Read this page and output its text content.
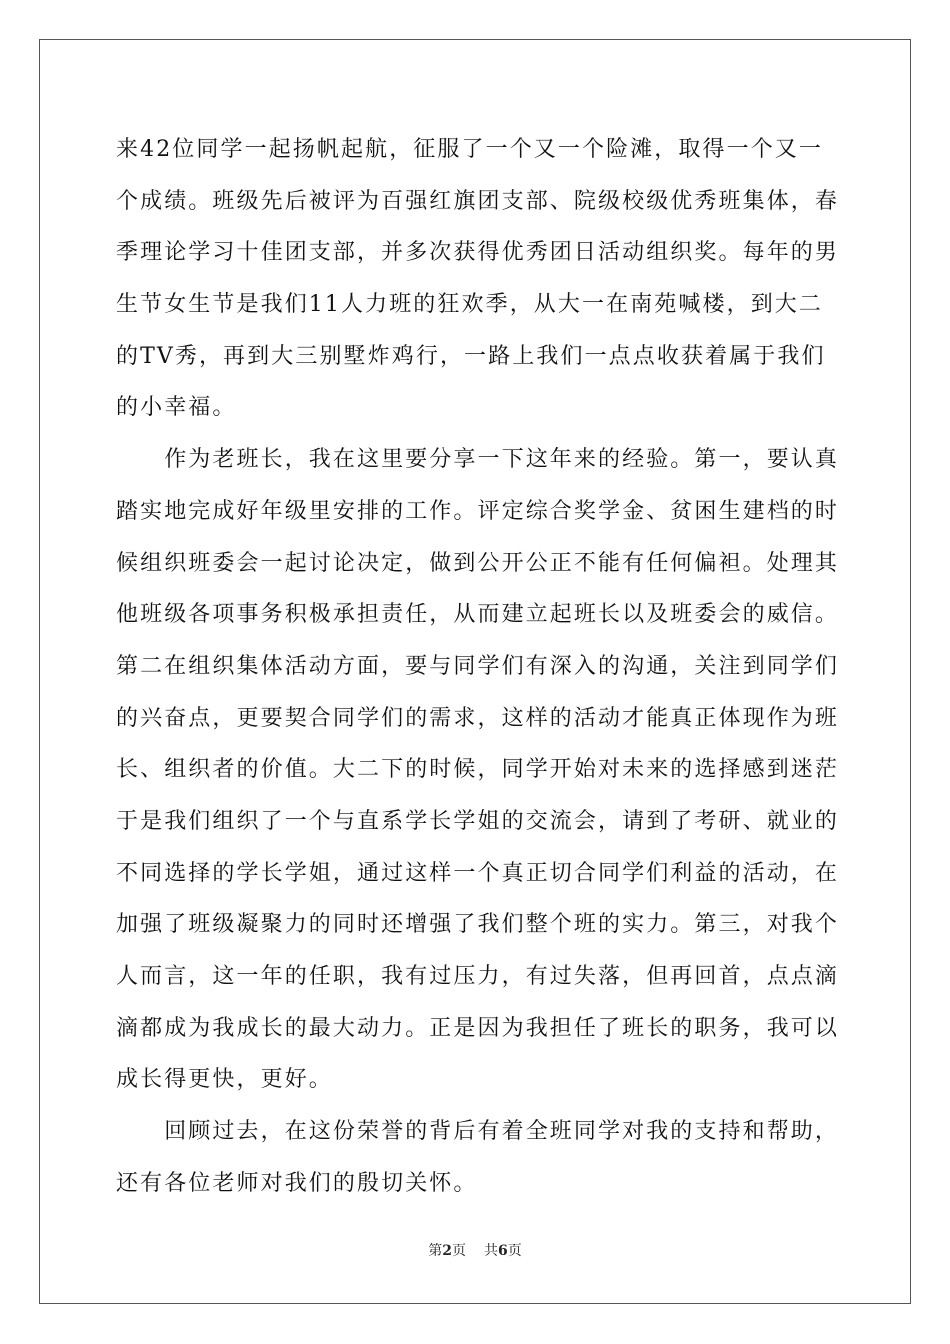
来42位同学一起扬帆起航，征服了一个又一个险滩，取得一个又一
个成绩。班级先后被评为百强红旗团支部、院级校级优秀班集体，春
季理论学习十佳团支部，并多次获得优秀团日活动组织奖。每年的男
生节女生节是我们11人力班的狂欢季，从大一在南苑喊楼，到大二
的TV秀，再到大三别墅炸鸡行，一路上我们一点点收获着属于我们
的小幸福。
　　作为老班长，我在这里要分享一下这年来的经验。第一，要认真
踏实地完成好年级里安排的工作。评定综合奖学金、贫困生建档的时
候组织班委会一起讨论决定，做到公开公正不能有任何偏袒。处理其
他班级各项事务积极承担责任，从而建立起班长以及班委会的威信。
第二在组织集体活动方面，要与同学们有深入的沟通，关注到同学们
的兴奋点，更要契合同学们的需求，这样的活动才能真正体现作为班
长、组织者的价值。大二下的时候，同学开始对未来的选择感到迷茫
于是我们组织了一个与直系学长学姐的交流会，请到了考研、就业的
不同选择的学长学姐，通过这样一个真正切合同学们利益的活动，在
加强了班级凝聚力的同时还增强了我们整个班的实力。第三，对我个
人而言，这一年的任职，我有过压力，有过失落，但再回首，点点滴
滴都成为我成长的最大动力。正是因为我担任了班长的职务，我可以
成长得更快，更好。
　　回顾过去，在这份荣誉的背后有着全班同学对我的支持和帮助，
还有各位老师对我们的殷切关怀。
第2页 共6页
